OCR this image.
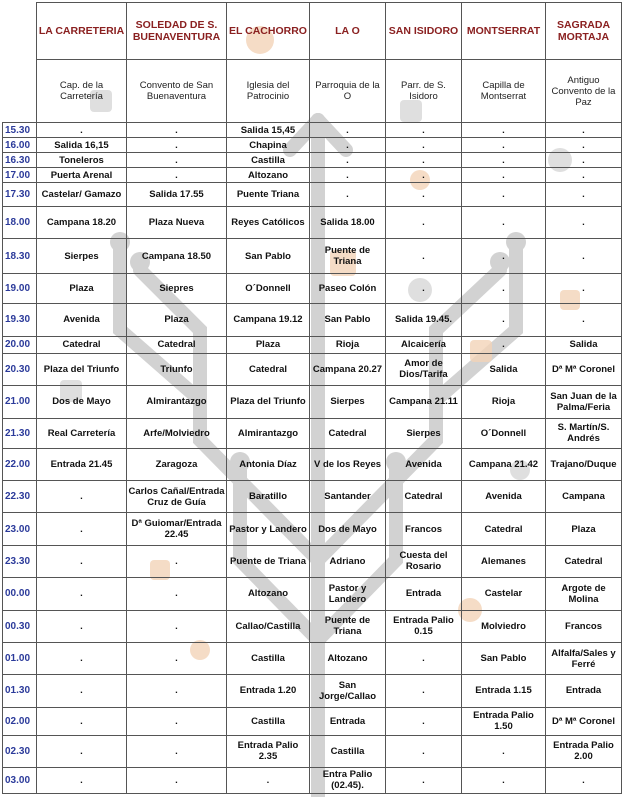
	LA CARRETERIA	SOLEDAD DE S. BUENAVENTURA	EL CACHORRO	LA O	SAN ISIDORO	MONTSERRAT	SAGRADA MORTAJA
	Cap. de la Carretería	Convento de San Buenaventura	Iglesia del Patrocinio	Parroquia de la O	Parr. de S. Isidoro	Capilla de Montserrat	Antiguo Convento de la Paz
15.30	.	.	Salida 15,45	.	.	.	.
16.00	Salida 16,15	.	Chapina	.	.	.	.
16.30	Toneleros	.	Castilla	.	.	.	.
17.00	Puerta Arenal	.	Altozano	.	.	.	.
17.30	Castelar/ Gamazo	Salida 17.55	Puente Triana	.	.	.	.
18.00	Campana 18.20	Plaza Nueva	Reyes Católicos	Salida 18.00	.	.	.
18.30	Sierpes	Campana 18.50	San Pablo	Puente de Triana	.	.	.
19.00	Plaza	Siepres	O´Donnell	Paseo Colón	.	.	.
19.30	Avenida	Plaza	Campana 19.12	San Pablo	Salida 19.45.	.	.
20.00	Catedral	Catedral	Plaza	Rioja	Alcaicería	.	Salida
20.30	Plaza del Triunfo	Triunfo	Catedral	Campana 20.27	Amor de Dios/Tarifa	Salida	Dª Mª Coronel
21.00	Dos de Mayo	Almirantazgo	Plaza del Triunfo	Sierpes	Campana 21.11	Rioja	San Juan de la Palma/Feria
21.30	Real Carretería	Arfe/Molviedro	Almirantazgo	Catedral	Sierpes	O´Donnell	S. Martín/S. Andrés
22.00	Entrada 21.45	Zaragoza	Antonia Díaz	V de los Reyes	Avenida	Campana 21.42	Trajano/Duque
22.30	.	Carlos Cañal/Entrada Cruz de Guía	Baratillo	Santander	Catedral	Avenida	Campana
23.00	.	Dª Guiomar/Entrada 22.45	Pastor y Landero	Dos de Mayo	Francos	Catedral	Plaza
23.30	.	.	Puente de Triana	Adriano	Cuesta del Rosario	Alemanes	Catedral
00.00	.	.	Altozano	Pastor y Landero	Entrada	Castelar	Argote de Molina
00.30	.	.	Callao/Castilla	Puente de Triana	Entrada Palio 0.15	Molviedro	Francos
01.00	.	.	Castilla	Altozano	.	San Pablo	Alfalfa/Sales y Ferré
01.30	.	.	Entrada 1.20	San Jorge/Callao	.	Entrada 1.15	Entrada
02.00	.	.	Castilla	Entrada	.	Entrada Palio 1.50	Dª Mª Coronel
02.30	.	.	Entrada Palio 2.35	Castilla	.	.	Entrada Palio 2.00
03.00	.	.	.	Entra Palio (02.45).	.	.	.
